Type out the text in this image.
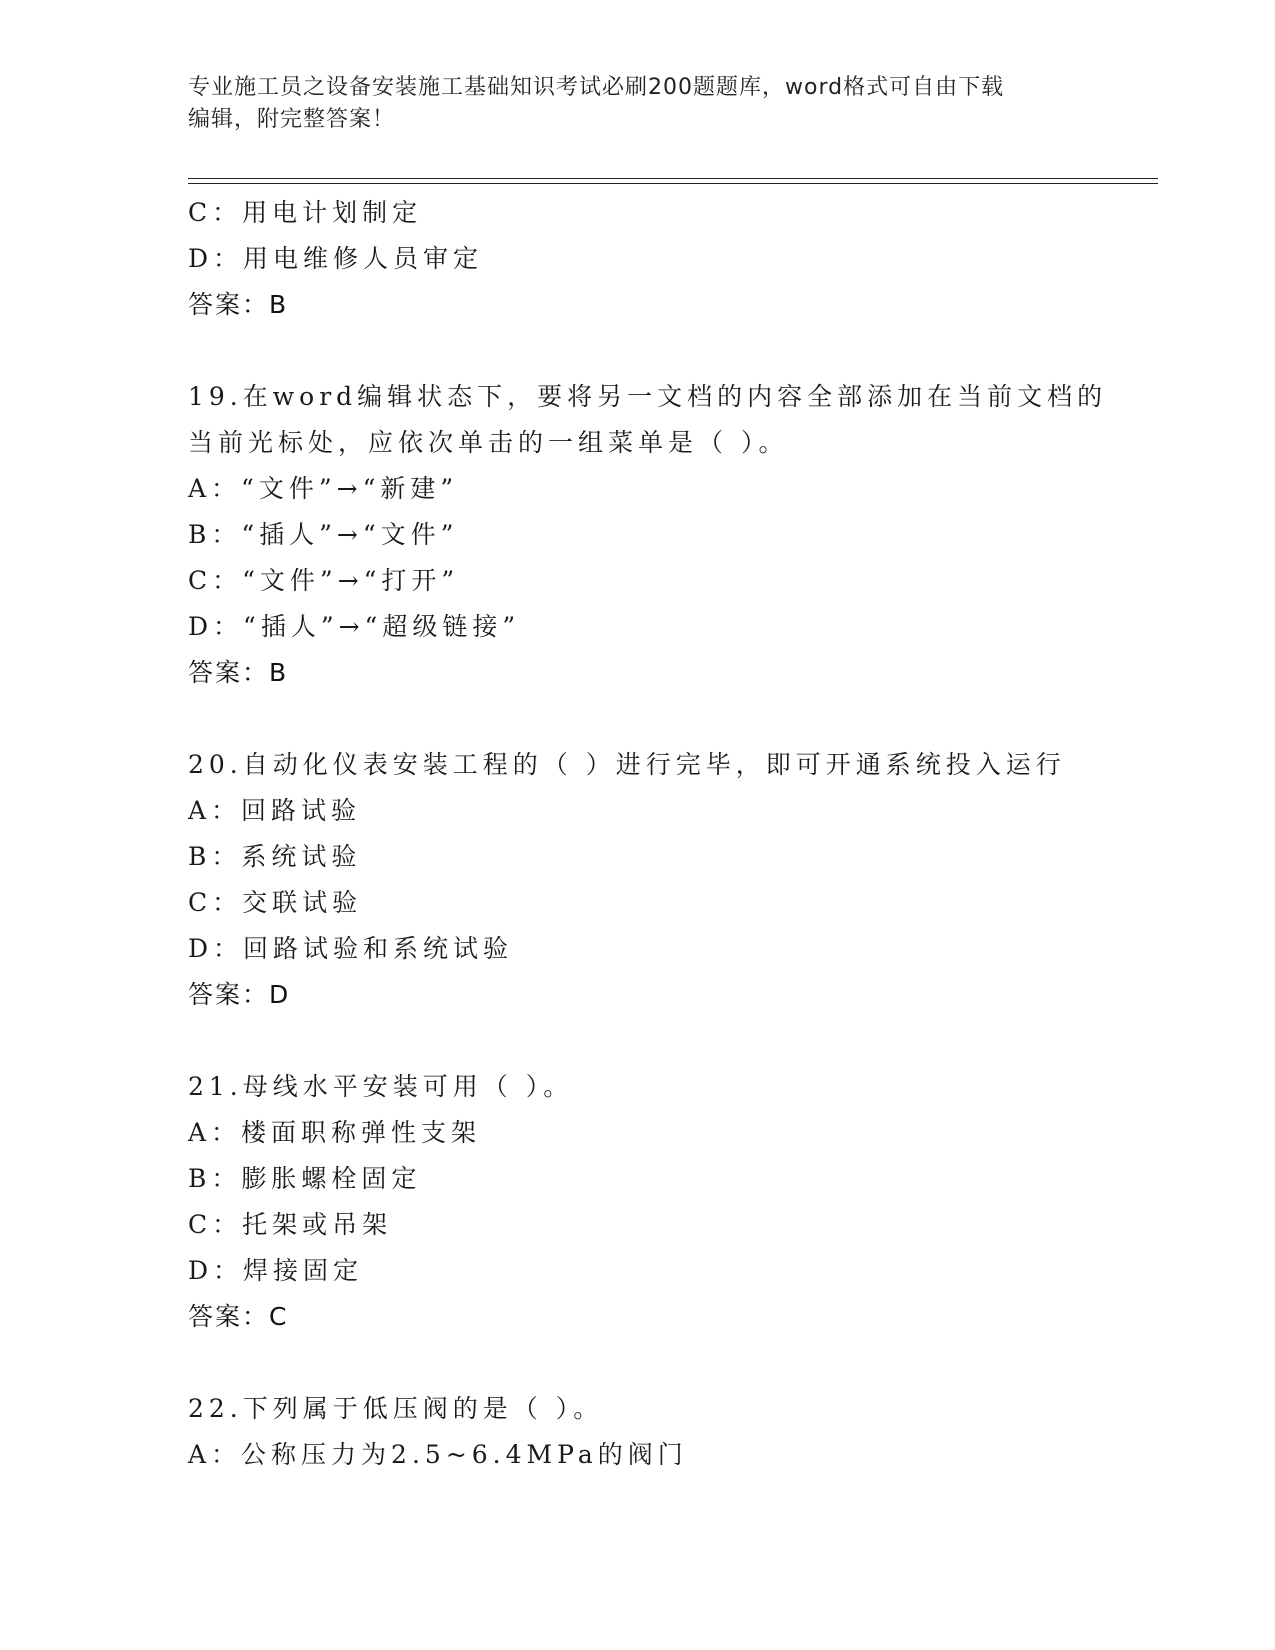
专业施工员之设备安装施工基础知识考试必刷200题题库，word格式可自由下载
编辑，附完整答案！
C：用电计划制定
D：用电维修人员审定
答案：B
19.在word编辑状态下，要将另一文档的内容全部添加在当前文档的
当前光标处，应依次单击的一组菜单是（ ）。
A：“文件”→“新建”
B：“插人”→“文件”
C：“文件”→“打开”
D：“插人”→“超级链接”
答案：B
20.自动化仪表安装工程的（ ）进行完毕，即可开通系统投入运行
A：回路试验
B：系统试验
C：交联试验
D：回路试验和系统试验
答案：D
21.母线水平安装可用（ ）。
A：楼面职称弹性支架
B：膨胀螺栓固定
C：托架或吊架
D：焊接固定
答案：C
22.下列属于低压阀的是（ ）。
A：公称压力为2.5~6.4MPa的阀门
